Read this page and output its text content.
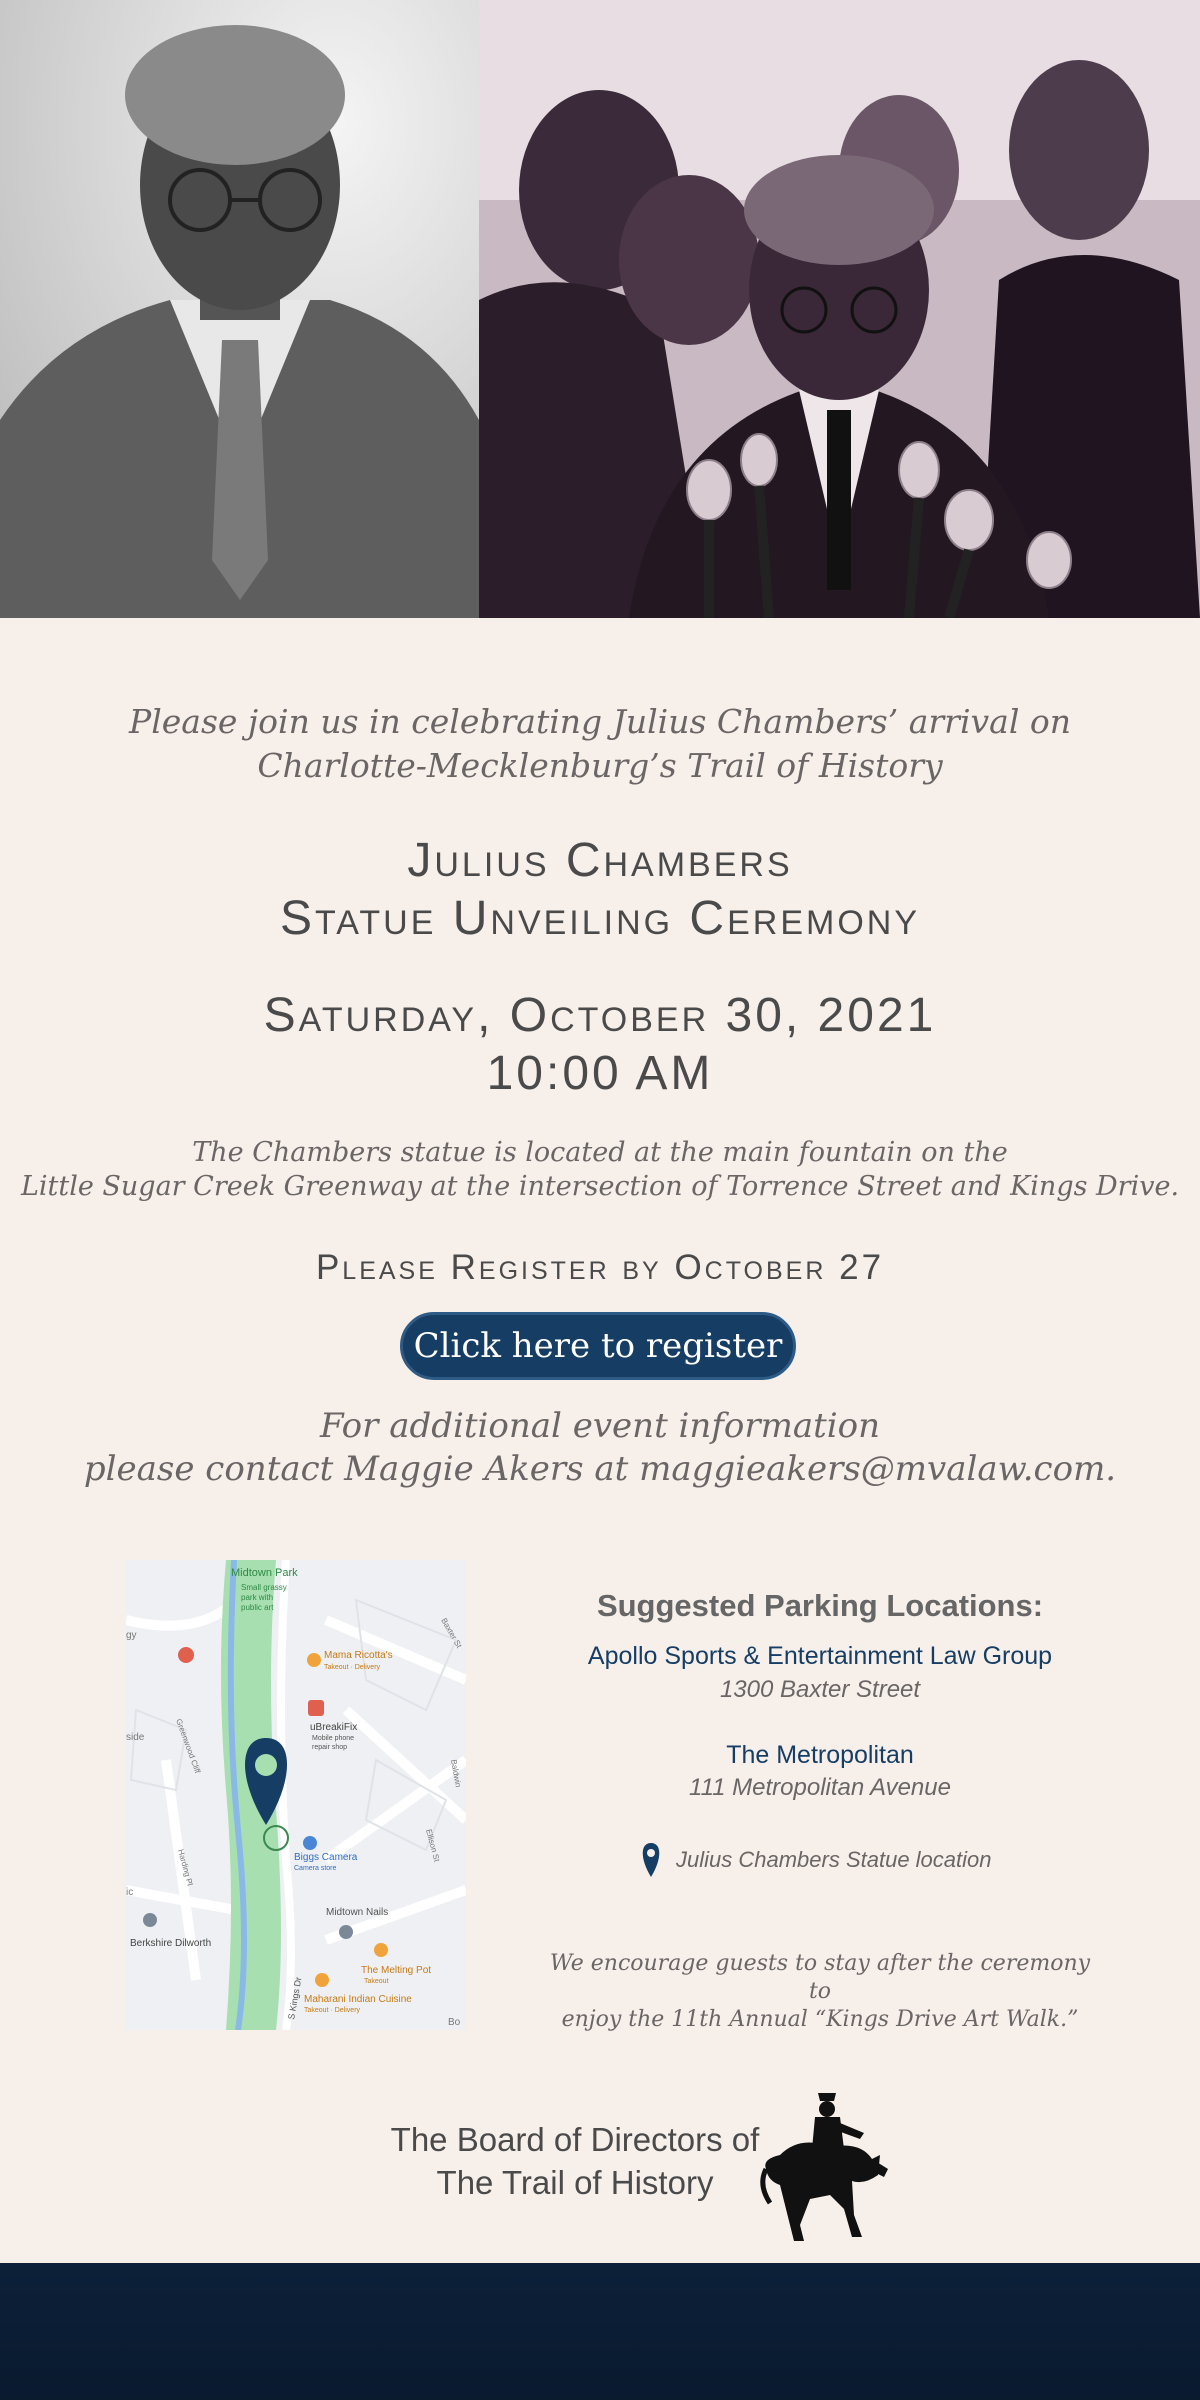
Please join us in celebrating Julius Chambers’ arrival on
Charlotte-Mecklenburg’s Trail of History
Julius Chambers
Statue Unveiling Ceremony
Saturday, October 30, 2021
10:00 AM
The Chambers statue is located at the main fountain on the
Little Sugar Creek Greenway at the intersection of Torrence Street and Kings Drive.
Please Register by October 27
Click here to register
For additional event information
please contact Maggie Akers at maggieakers@mvalaw.com.
Midtown Park
Small grassy
park with
public art
Mama Ricotta's
Takeout · Delivery
uBreakiFix
Mobile phone
repair shop
Biggs Camera
Camera store
Midtown Nails
The Melting Pot
Takeout
Maharani Indian Cuisine
Takeout · Delivery
Berkshire Dilworth
S Kings Dr
Greenwood Cliff
Baxter St
side
gy
ic
Bo
Ellison St
Harding Pl
Baldwin
Suggested Parking Locations:
Apollo Sports & Entertainment Law Group
1300 Baxter Street
The Metropolitan
111 Metropolitan Avenue
Julius Chambers Statue location
We encourage guests to stay after the ceremony to
enjoy the 11th Annual “Kings Drive Art Walk.”
The Board of Directors of
The Trail of History
